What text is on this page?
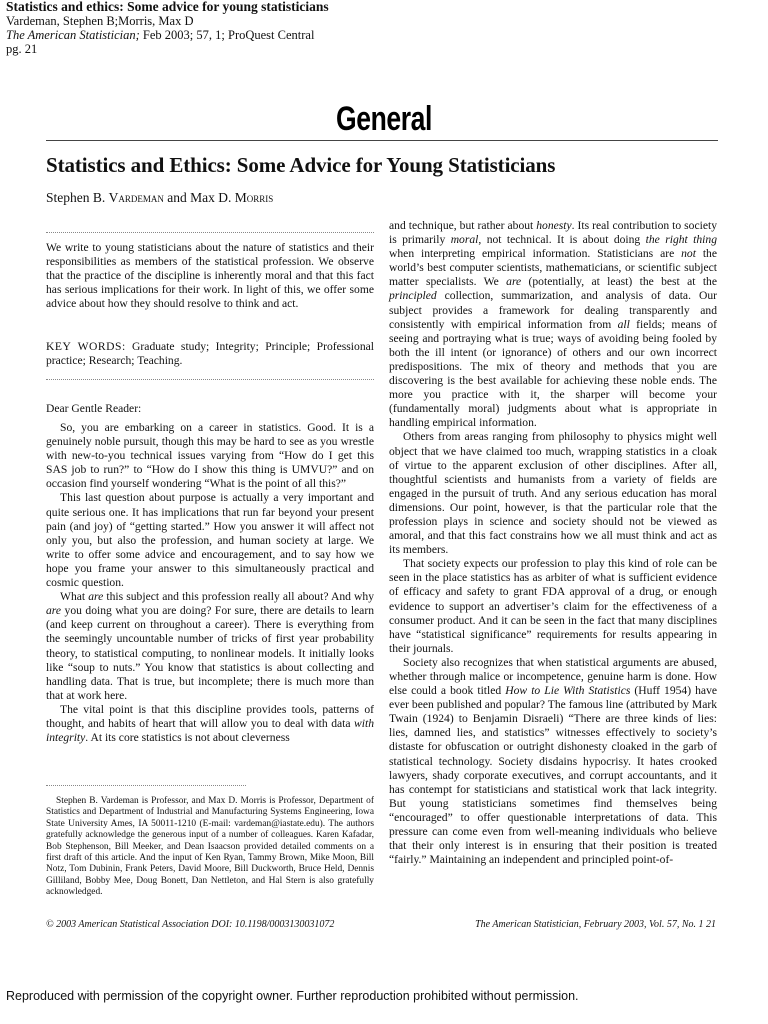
Statistics and ethics: Some advice for young statisticians
Vardeman, Stephen B;Morris, Max D
The American Statistician; Feb 2003; 57, 1; ProQuest Central
pg. 21
General
Statistics and Ethics: Some Advice for Young Statisticians
Stephen B. Vardeman and Max D. Morris

We write to young statisticians about the nature of statistics and their responsibilities as members of the statistical profession. We observe that the practice of the discipline is inherently moral and that this fact has serious implications for their work. In light of this, we offer some advice about how they should resolve to think and act.

KEY WORDS: Graduate study; Integrity; Principle; Professional practice; Research; Teaching.

Dear Gentle Reader:

So, you are embarking on a career in statistics. Good. It is a genuinely noble pursuit, though this may be hard to see as you wrestle with new-to-you technical issues varying from “How do I get this SAS job to run?” to “How do I show this thing is UMVU?” and on occasion find yourself wondering “What is the point of all this?”

This last question about purpose is actually a very important and quite serious one. It has implications that run far beyond your present pain (and joy) of “getting started.” How you answer it will affect not only you, but also the profession, and human society at large. We write to offer some advice and encouragement, and to say how we hope you frame your answer to this simultaneously practical and cosmic question.

What are this subject and this profession really all about? And why are you doing what you are doing? For sure, there are details to learn (and keep current on throughout a career). There is everything from the seemingly uncountable number of tricks of first year probability theory, to statistical computing, to nonlinear models. It initially looks like “soup to nuts.” You know that statistics is about collecting and handling data. That is true, but incomplete; there is much more than that at work here.

The vital point is that this discipline provides tools, patterns of thought, and habits of heart that will allow you to deal with data with integrity. At its core statistics is not about cleverness

Stephen B. Vardeman is Professor, and Max D. Morris is Professor, Department of Statistics and Department of Industrial and Manufacturing Systems Engineering, Iowa State University Ames, IA 50011-1210 (E-mail: vardeman@iastate.edu). The authors gratefully acknowledge the generous input of a number of colleagues. Karen Kafadar, Bob Stephenson, Bill Meeker, and Dean Isaacson provided detailed comments on a first draft of this article. And the input of Ken Ryan, Tammy Brown, Mike Moon, Bill Notz, Tom Dubinin, Frank Peters, David Moore, Bill Duckworth, Bruce Held, Dennis Gilliland, Bobby Mee, Doug Bonett, Dan Nettleton, and Hal Stern is also gratefully acknowledged.

and technique, but rather about honesty. Its real contribution to society is primarily moral, not technical. It is about doing the right thing when interpreting empirical information. Statisticians are not the world’s best computer scientists, mathematicians, or scientific subject matter specialists. We are (potentially, at least) the best at the principled collection, summarization, and analysis of data. Our subject provides a framework for dealing transparently and consistently with empirical information from all fields; means of seeing and portraying what is true; ways of avoiding being fooled by both the ill intent (or ignorance) of others and our own incorrect predispositions. The mix of theory and methods that you are discovering is the best available for achieving these noble ends. The more you practice with it, the sharper will become your (fundamentally moral) judgments about what is appropriate in handling empirical information.

Others from areas ranging from philosophy to physics might well object that we have claimed too much, wrapping statistics in a cloak of virtue to the apparent exclusion of other disciplines. After all, thoughtful scientists and humanists from a variety of fields are engaged in the pursuit of truth. And any serious education has moral dimensions. Our point, however, is that the particular role that the profession plays in science and society should not be viewed as amoral, and that this fact constrains how we all must think and act as its members.

That society expects our profession to play this kind of role can be seen in the place statistics has as arbiter of what is sufficient evidence of efficacy and safety to grant FDA approval of a drug, or enough evidence to support an advertiser’s claim for the effectiveness of a consumer product. And it can be seen in the fact that many disciplines have “statistical significance” requirements for results appearing in their journals.

Society also recognizes that when statistical arguments are abused, whether through malice or incompetence, genuine harm is done. How else could a book titled How to Lie With Statistics (Huff 1954) have ever been published and popular? The famous line (attributed by Mark Twain (1924) to Benjamin Disraeli) “There are three kinds of lies: lies, damned lies, and statistics” witnesses effectively to society’s distaste for obfuscation or outright dishonesty cloaked in the garb of statistical technology. Society disdains hypocrisy. It hates crooked lawyers, shady corporate executives, and corrupt accountants, and it has contempt for statisticians and statistical work that lack integrity. But young statisticians sometimes find themselves being “encouraged” to offer questionable interpretations of data. This pressure can come even from well-meaning individuals who believe that their only interest is in ensuring that their position is treated “fairly.” Maintaining an independent and principled point-of-

© 2003 American Statistical Association DOI: 10.1198/0003130031072	The American Statistician, February 2003, Vol. 57, No. 1 21
Reproduced with permission of the copyright owner. Further reproduction prohibited without permission.
